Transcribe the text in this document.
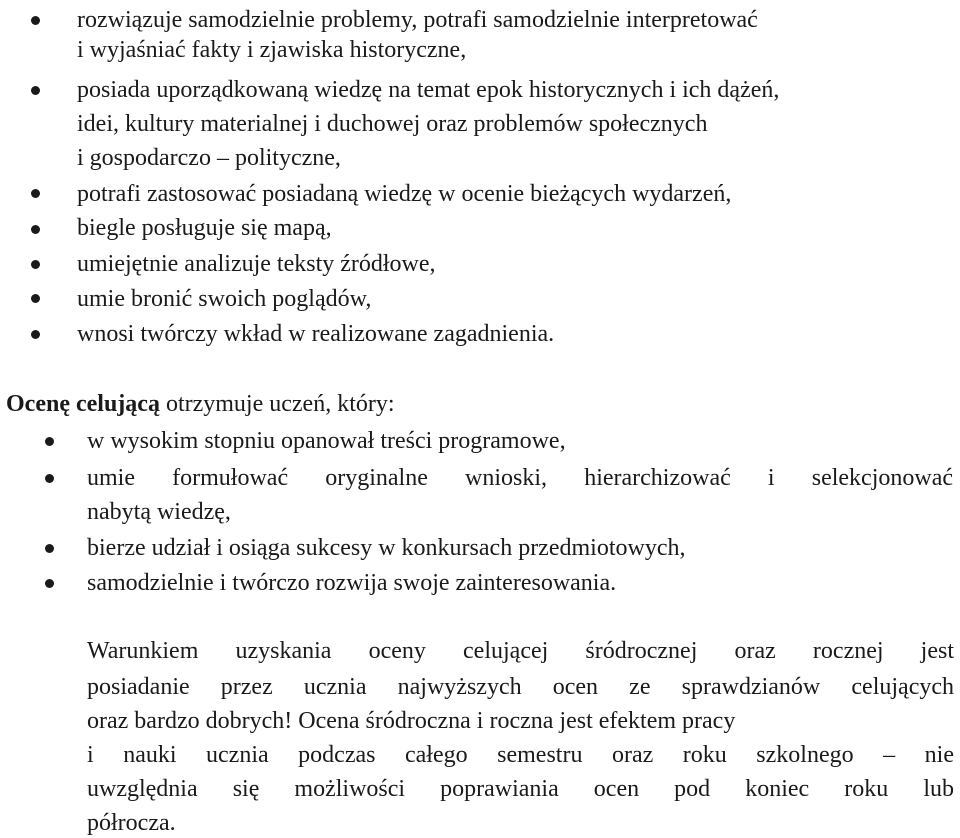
rozwiązuje samodzielnie problemy, potrafi samodzielnie interpretować
i wyjaśniać fakty i zjawiska historyczne,
posiada uporządkowaną wiedzę na temat epok historycznych i ich dążeń,
idei, kultury materialnej i duchowej oraz problemów społecznych
i gospodarczo – polityczne,
potrafi zastosować posiadaną wiedzę w ocenie bieżących wydarzeń,
biegle posługuje się mapą,
umiejętnie analizuje teksty źródłowe,
umie bronić swoich poglądów,
wnosi twórczy wkład w realizowane zagadnienia.
Ocenę celującą otrzymuje uczeń, który:
w wysokim stopniu opanował treści programowe,
umie formułować oryginalne wnioski, hierarchizować i selekcjonować
nabytą wiedzę,
bierze udział i osiąga sukcesy w konkursach przedmiotowych,
samodzielnie i twórczo rozwija swoje zainteresowania.
Warunkiem uzyskania oceny celującej śródrocznej oraz rocznej jest
posiadanie przez ucznia najwyższych ocen ze sprawdzianów celujących
oraz bardzo dobrych! Ocena śródroczna i roczna jest efektem pracy
i nauki ucznia podczas całego semestru oraz roku szkolnego – nie
uwzględnia się możliwości poprawiania ocen pod koniec roku lub
półrocza.
